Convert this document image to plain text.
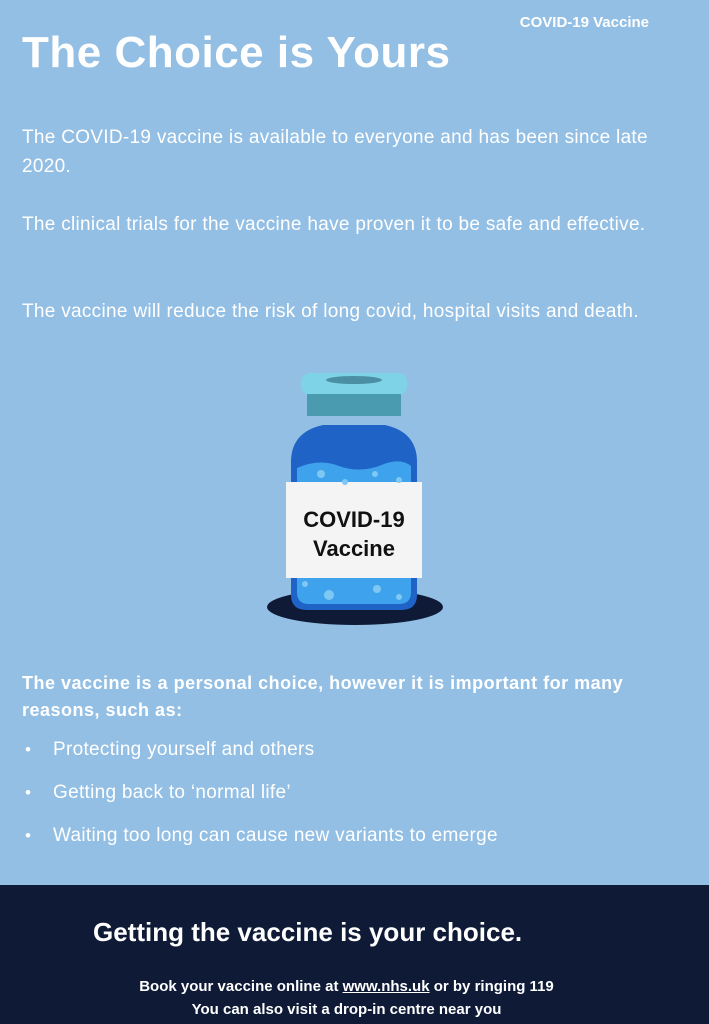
COVID-19 Vaccine
The Choice is Yours

The COVID-19 vaccine is available to everyone and has been since late 2020.

The clinical trials for the vaccine have proven it to be safe and effective.

The vaccine will reduce the risk of long covid, hospital visits and death.

COVID-19
Vaccine

The vaccine is a personal choice, however it is important for many reasons, such as:

• Protecting yourself and others
• Getting back to ‘normal life’
• Waiting too long can cause new variants to emerge

Getting the vaccine is your choice.

Book your vaccine online at www.nhs.uk or by ringing 119

You can also visit a drop-in centre near you
